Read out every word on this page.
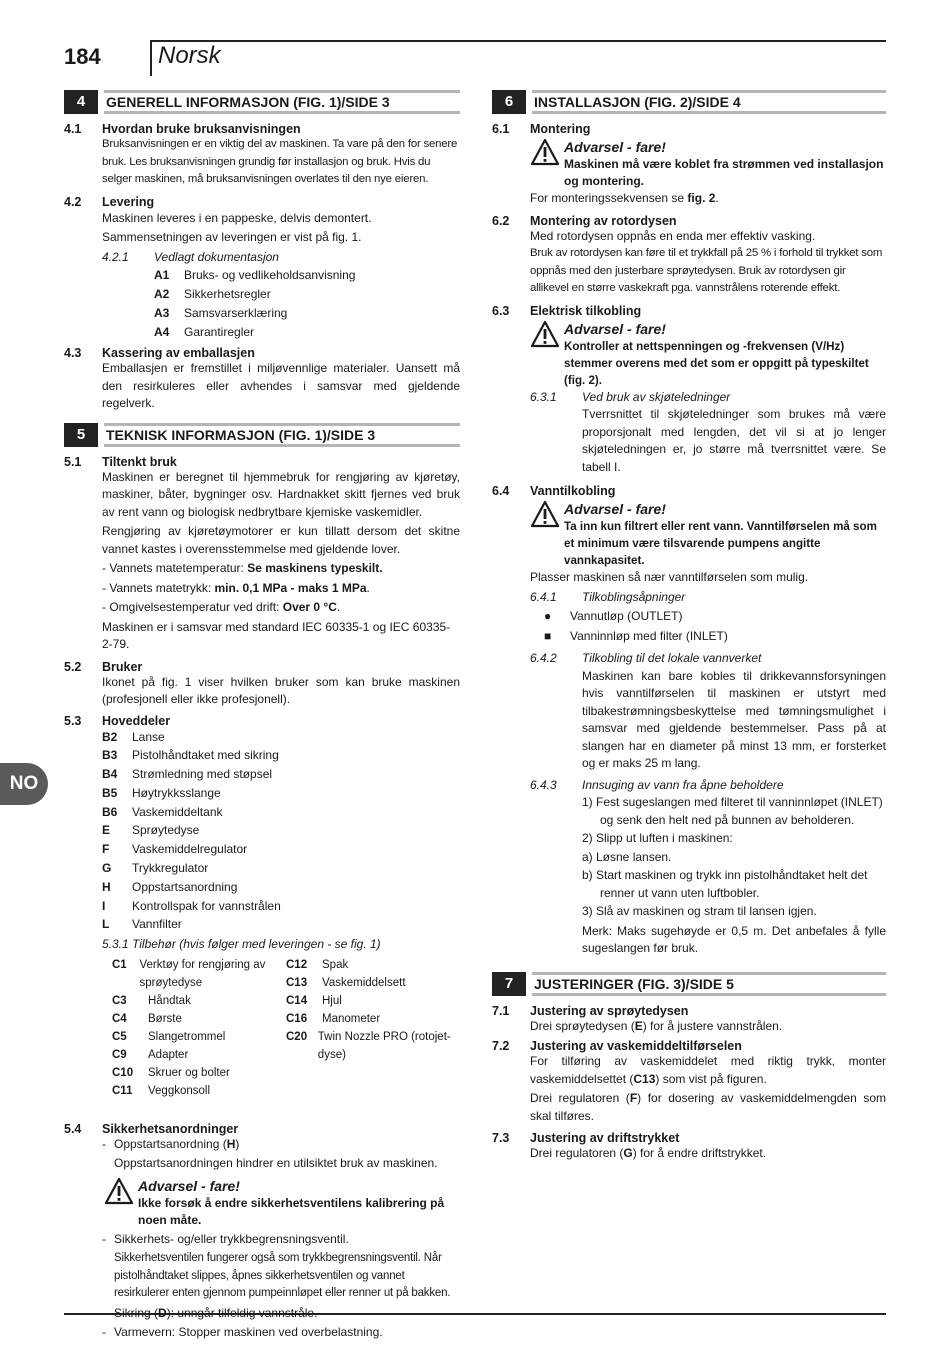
184 Norsk
NO
4	GENERELL INFORMASJON (FIG. 1)/SIDE 3
4.1	Hvordan bruke bruksanvisningen

Bruksanvisningen er en viktig del av maskinen. Ta vare på den for senere bruk. Les bruksanvisningen grundig før installasjon og bruk. Hvis du selger maskinen, må bruksanvisningen overlates til den nye eieren.

4.2	Levering

Maskinen leveres i en pappeske, delvis demontert.

Sammensetningen av leveringen er vist på fig. 1.

4.2.1	Vedlagt dokumentasjon
A1	Bruks- og vedlikeholdsanvisning
A2	Sikkerhetsregler
A3	Samsvarserklæring
A4	Garantiregler
4.3	Kassering av emballasjen

Emballasjen er fremstillet i miljøvennlige materialer. Uansett må den resirkuleres eller avhendes i samsvar med gjeldende regelverk.

5	TEKNISK INFORMASJON (FIG. 1)/SIDE 3
5.1	Tiltenkt bruk

Maskinen er beregnet til hjemmebruk for rengjøring av kjøretøy, maskiner, båter, bygninger osv. Hardnakket skitt fjernes ved bruk av rent vann og biologisk nedbrytbare kjemiske vaskemidler.

Rengjøring av kjøretøymotorer er kun tillatt dersom det skitne vannet kastes i overensstemmelse med gjeldende lover.

- Vannets matetemperatur: Se maskinens typeskilt.

- Vannets matetrykk: min. 0,1 MPa - maks 1 MPa.

- Omgivelsestemperatur ved drift: Over 0 °C.

Maskinen er i samsvar med standard IEC 60335-1 og IEC 60335-2-79.

5.2	Bruker

Ikonet på fig. 1 viser hvilken bruker som kan bruke maskinen (profesjonell eller ikke profesjonell).

5.3	Hoveddeler
B2	Lanse
B3	Pistolhåndtaket med sikring
B4	Strømledning med støpsel
B5	Høytrykksslange
B6	Vaskemiddeltank
E	Sprøytedyse
F	Vaskemiddelregulator
G	Trykkregulator
H	Oppstartsanordning
I	Kontrollspak for vannstrålen
L	Vannfilter
5.3.1 Tilbehør (hvis følger med leveringen - se fig. 1)
C1	Verktøy for rengjøring av sprøytedyse
C3	Håndtak
C4	Børste
C5	Slangetrommel
C9	Adapter
C10	Skruer og bolter
C11	Veggkonsoll
C12	Spak
C13	Vaskemiddelsett
C14	Hjul
C16	Manometer
C20 Twin Nozzle PRO (rotojet-dyse)
5.4	Sikkerhetsanordninger
- Oppstartsanordning (H)

Oppstartsanordningen hindrer en utilsiktet bruk av maskinen.

Advarsel - fare!
Ikke forsøk å endre sikkerhetsventilens kalibrering på noen måte.
- Sikkerhets- og/eller trykkbegrensningsventil.

Sikkerhetsventilen fungerer også som trykkbegrensningsventil. Når pistolhåndtaket slippes, åpnes sikkerhetsventilen og vannet resirkulerer enten gjennom pumpeinnløpet eller renner ut på bakken.

- Sikring (D): unngår tilfeldig vannstråle.
- Varmevern: Stopper maskinen ved overbelastning.
6	INSTALLASJON (FIG. 2)/SIDE 4
6.1	Montering
Advarsel - fare!
Maskinen må være koblet fra strømmen ved installasjon og montering.

For monteringssekvensen se fig. 2.

6.2	Montering av rotordysen

Med rotordysen oppnås en enda mer effektiv vasking.

Bruk av rotordysen kan føre til et trykkfall på 25 % i forhold til trykket som oppnås med den justerbare sprøytedysen. Bruk av rotordysen gir allikevel en større vaskekraft pga. vannstrålens roterende effekt.

6.3	Elektrisk tilkobling
Advarsel - fare!
Kontroller at nettspenningen og -frekvensen (V/Hz) stemmer overens med det som er oppgitt på typeskiltet (fig. 2).
6.3.1	Ved bruk av skjøteledninger

Tverrsnittet til skjøteledninger som brukes må være proporsjonalt med lengden, det vil si at jo lenger skjøteledningen er, jo større må tverrsnittet være. Se tabell I.

6.4	Vanntilkobling
Advarsel - fare!
Ta inn kun filtrert eller rent vann. Vanntilførselen må som et minimum være tilsvarende pumpens angitte vannkapasitet.

Plasser maskinen så nær vanntilførselen som mulig.

6.4.1	Tilkoblingsåpninger
●	Vannutløp (OUTLET)
■	Vanninnløp med filter (INLET)
6.4.2	Tilkobling til det lokale vannverket

Maskinen kan bare kobles til drikkevannsforsyningen hvis vanntilførselen til maskinen er utstyrt med tilbakestrømningsbeskyttelse med tømningsmulighet i samsvar med gjeldende bestemmelser. Pass på at slangen har en diameter på minst 13 mm, er forsterket og er maks 25 m lang.

6.4.3	Innsuging av vann fra åpne beholdere

1) Fest sugeslangen med filteret til vanninnløpet (INLET) og senk den helt ned på bunnen av beholderen.

2) Slipp ut luften i maskinen:

a) Løsne lansen.

b) Start maskinen og trykk inn pistolhåndtaket helt det renner ut vann uten luftbobler.

3) Slå av maskinen og stram til lansen igjen.

Merk: Maks sugehøyde er 0,5 m. Det anbefales å fylle sugeslangen før bruk.

7	JUSTERINGER (FIG. 3)/SIDE 5
7.1	Justering av sprøytedysen

Drei sprøytedysen (E) for å justere vannstrålen.

7.2	Justering av vaskemiddeltilførselen

For tilføring av vaskemiddelet med riktig trykk, monter vaskemiddelsettet (C13) som vist på figuren.

Drei regulatoren (F) for dosering av vaskemiddelmengden som skal tilføres.

7.3	Justering av driftstrykket

Drei regulatoren (G) for å endre driftstrykket.
